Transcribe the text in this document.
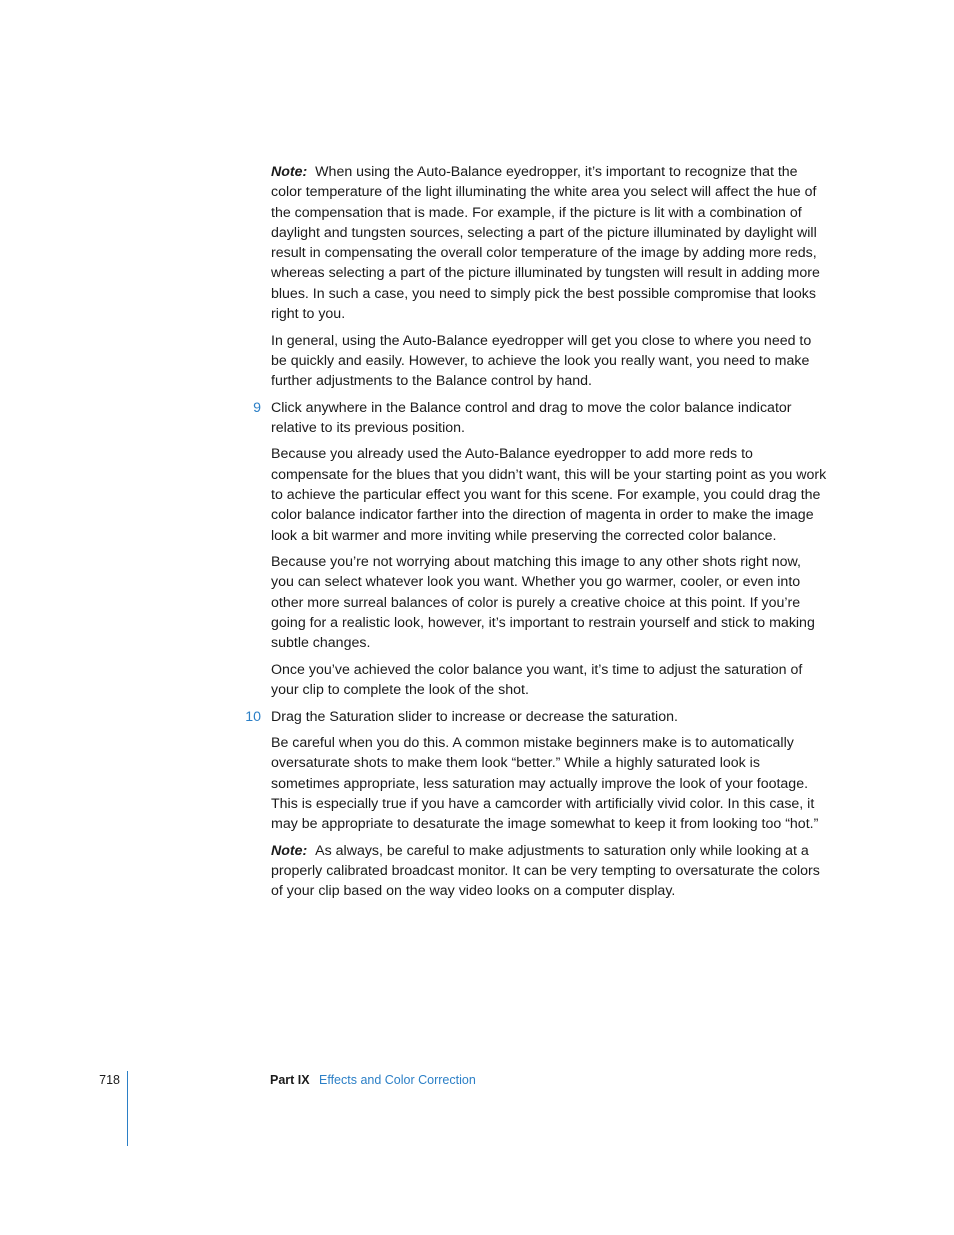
Note: When using the Auto-Balance eyedropper, it’s important to recognize that the color temperature of the light illuminating the white area you select will affect the hue of the compensation that is made. For example, if the picture is lit with a combination of daylight and tungsten sources, selecting a part of the picture illuminated by daylight will result in compensating the overall color temperature of the image by adding more reds, whereas selecting a part of the picture illuminated by tungsten will result in adding more blues. In such a case, you need to simply pick the best possible compromise that looks right to you.

In general, using the Auto-Balance eyedropper will get you close to where you need to be quickly and easily. However, to achieve the look you really want, you need to make further adjustments to the Balance control by hand.

9 Click anywhere in the Balance control and drag to move the color balance indicator relative to its previous position.

Because you already used the Auto-Balance eyedropper to add more reds to compensate for the blues that you didn’t want, this will be your starting point as you work to achieve the particular effect you want for this scene. For example, you could drag the color balance indicator farther into the direction of magenta in order to make the image look a bit warmer and more inviting while preserving the corrected color balance.

Because you’re not worrying about matching this image to any other shots right now, you can select whatever look you want. Whether you go warmer, cooler, or even into other more surreal balances of color is purely a creative choice at this point. If you’re going for a realistic look, however, it’s important to restrain yourself and stick to making subtle changes.

Once you’ve achieved the color balance you want, it’s time to adjust the saturation of your clip to complete the look of the shot.

10 Drag the Saturation slider to increase or decrease the saturation.

Be careful when you do this. A common mistake beginners make is to automatically oversaturate shots to make them look “better.” While a highly saturated look is sometimes appropriate, less saturation may actually improve the look of your footage. This is especially true if you have a camcorder with artificially vivid color. In this case, it may be appropriate to desaturate the image somewhat to keep it from looking too “hot.”

Note: As always, be careful to make adjustments to saturation only while looking at a properly calibrated broadcast monitor. It can be very tempting to oversaturate the colors of your clip based on the way video looks on a computer display.

718	Part IX Effects and Color Correction
